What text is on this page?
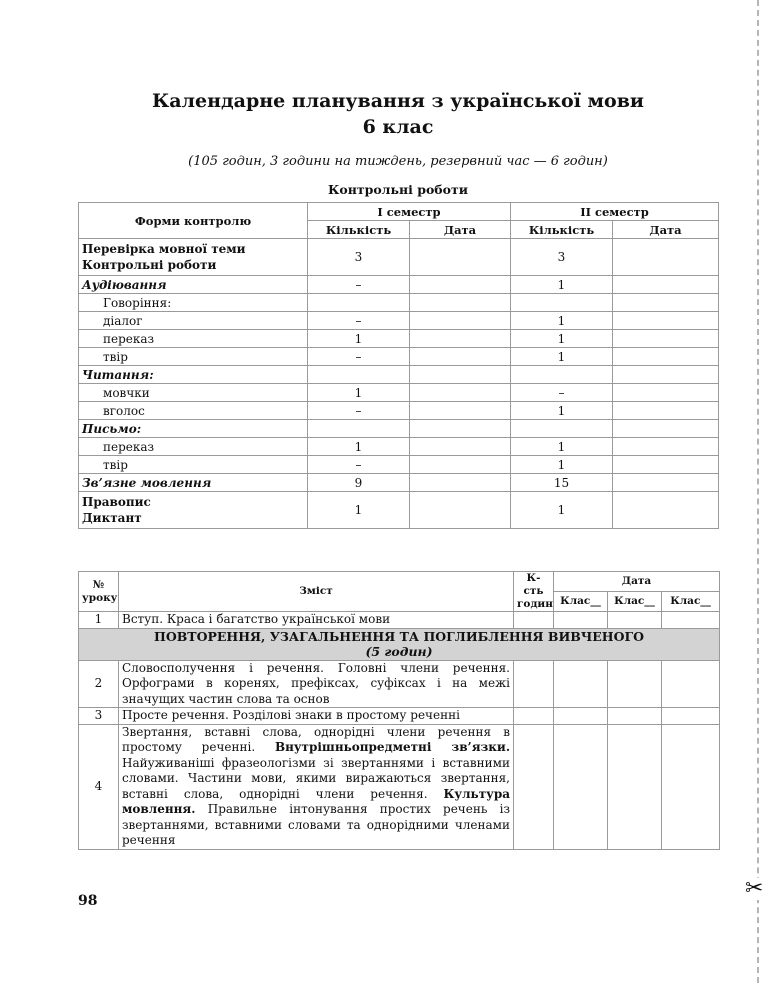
Календарне планування з української мови
6 клас
(105 годин, 3 години на тиждень, резервний час — 6 годин)
Контрольні роботи
Форми контролю	I семестр		II семестр	
	Кількість	Дата	Кількість	Дата
Перевірка мовної теми
Контрольні роботи	3		3	
Аудіювання	–		1	
Говоріння:				
діалог	–		1	
переказ	1		1	
твір	–		1	
Читання:				
мовчки	1		–	
вголос	–		1	
Письмо:				
переказ	1		1	
твір	–		1	
Зв’язне мовлення	9		15	
Правопис
Диктант	1		1	
№ уроку	Зміст	К-сть годин	Дата		
			Клас__	Клас__	Клас__
1	Вступ. Краса і багатство української мови				

ПОВТОРЕННЯ, УЗАГАЛЬНЕННЯ ТА ПОГЛИБЛЕННЯ ВИВЧЕНОГО
(5 годин)					

2	Словосполучення і речення. Головні члени речення. Орфограми в коренях, префіксах, суфіксах і на межі значущих частин слова та основ				
3	Просте речення. Розділові знаки в простому реченні				
4	Звертання, вставні слова, однорідні члени речення в простому реченні. Внутрішньопредметні зв’язки. Найуживаніші фразеологізми зі звертаннями і вставними словами. Частини мови, якими виражаються звертання, вставні слова, однорідні члени речення. Культура мовлення. Правильне інтонування простих речень із звертаннями, вставними словами та однорідними членами речення				
98	✂
